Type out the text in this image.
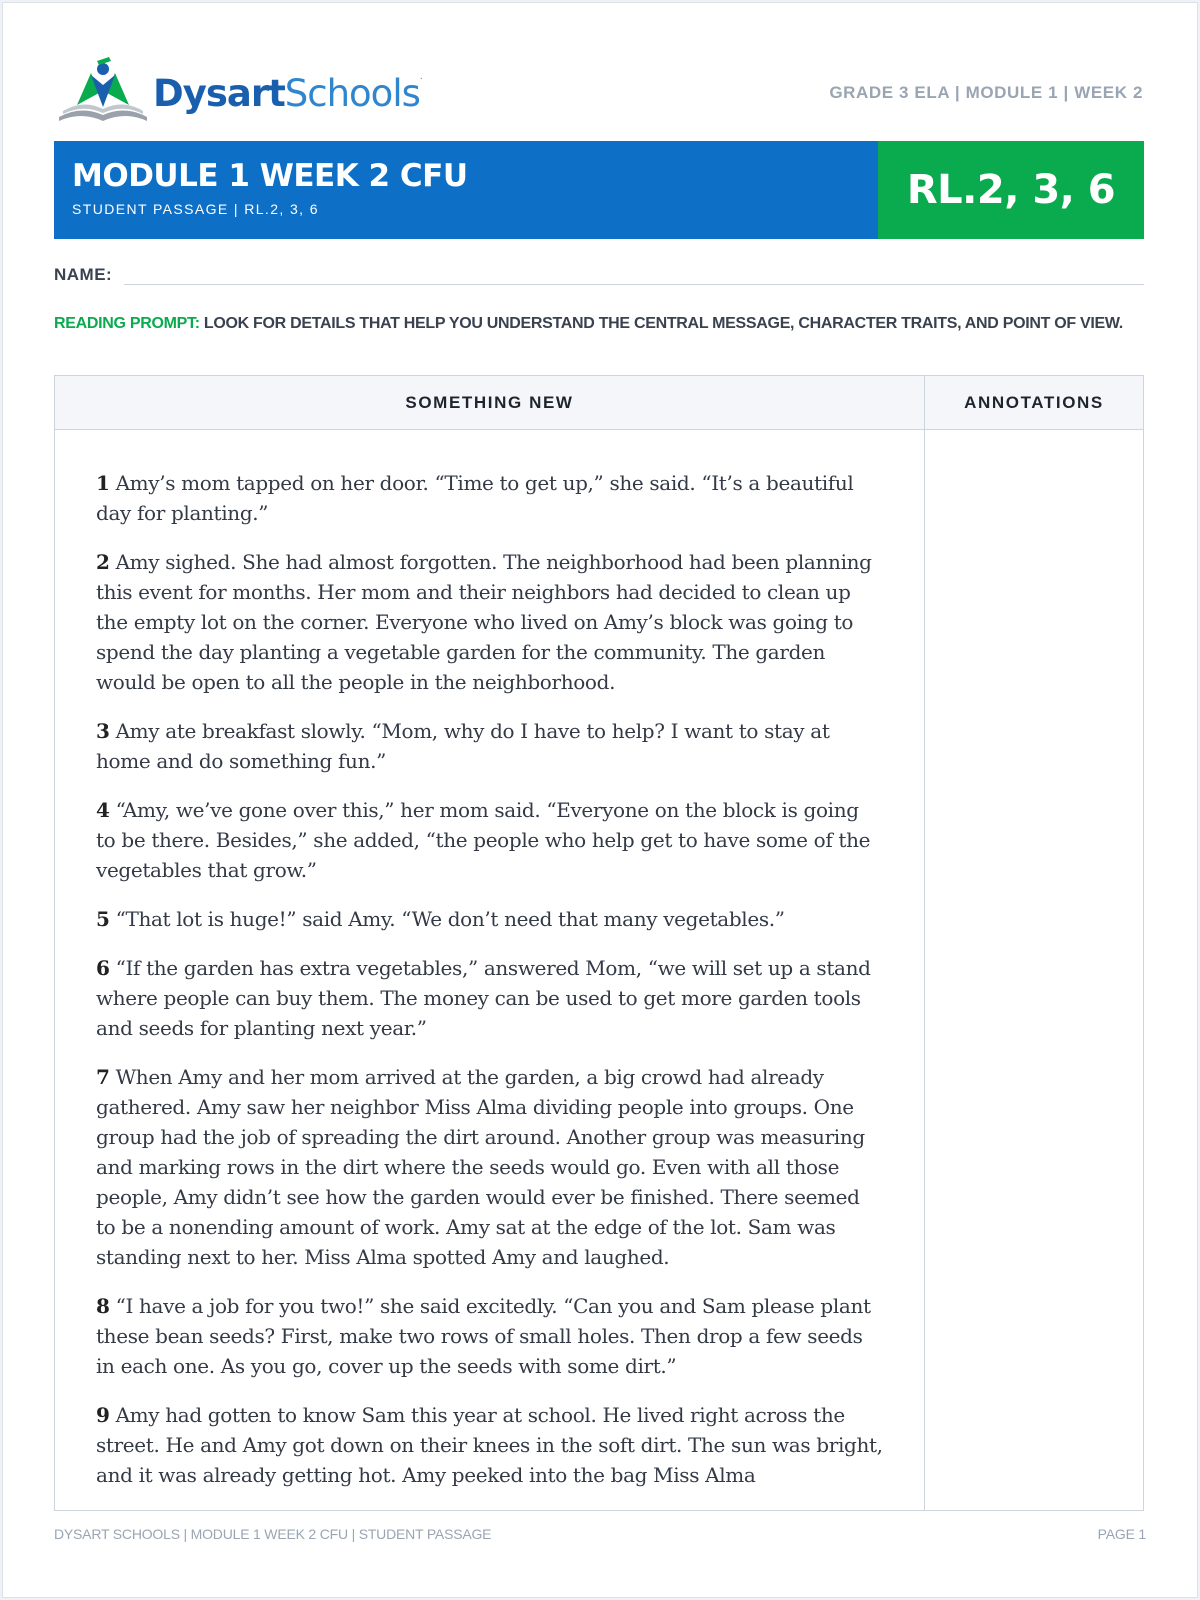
DysartSchools.
GRADE 3 ELA | MODULE 1 | WEEK 2
MODULE 1 WEEK 2 CFU
STUDENT PASSAGE | RL.2, 3, 6	RL.2, 3, 6
NAME:
READING PROMPT: LOOK FOR DETAILS THAT HELP YOU UNDERSTAND THE CENTRAL MESSAGE, CHARACTER TRAITS, AND POINT OF VIEW.
SOMETHING NEW	ANNOTATIONS

1 Amy’s mom tapped on her door. “Time to get up,” she said. “It’s a beautiful day for planting.”

2 Amy sighed. She had almost forgotten. The neighborhood had been planning this event for months. Her mom and their neighbors had decided to clean up the empty lot on the corner. Everyone who lived on Amy’s block was going to spend the day planting a vegetable garden for the community. The garden would be open to all the people in the neighborhood.

3 Amy ate breakfast slowly. “Mom, why do I have to help? I want to stay at home and do something fun.”

4 “Amy, we’ve gone over this,” her mom said. “Everyone on the block is going to be there. Besides,” she added, “the people who help get to have some of the vegetables that grow.”

5 “That lot is huge!” said Amy. “We don’t need that many vegetables.”

6 “If the garden has extra vegetables,” answered Mom, “we will set up a stand where people can buy them. The money can be used to get more garden tools and seeds for planting next year.”

7 When Amy and her mom arrived at the garden, a big crowd had already gathered. Amy saw her neighbor Miss Alma dividing people into groups. One group had the job of spreading the dirt around. Another group was measuring and marking rows in the dirt where the seeds would go. Even with all those people, Amy didn’t see how the garden would ever be finished. There seemed to be a nonending amount of work. Amy sat at the edge of the lot. Sam was standing next to her. Miss Alma spotted Amy and laughed.

8 “I have a job for you two!” she said excitedly. “Can you and Sam please plant these bean seeds? First, make two rows of small holes. Then drop a few seeds in each one. As you go, cover up the seeds with some dirt.”

9 Amy had gotten to know Sam this year at school. He lived right across the street. He and Amy got down on their knees in the soft dirt. The sun was bright, and it was already getting hot. Amy peeked into the bag Miss Alma

DYSART SCHOOLS | MODULE 1 WEEK 2 CFU | STUDENT PASSAGE	PAGE 1
